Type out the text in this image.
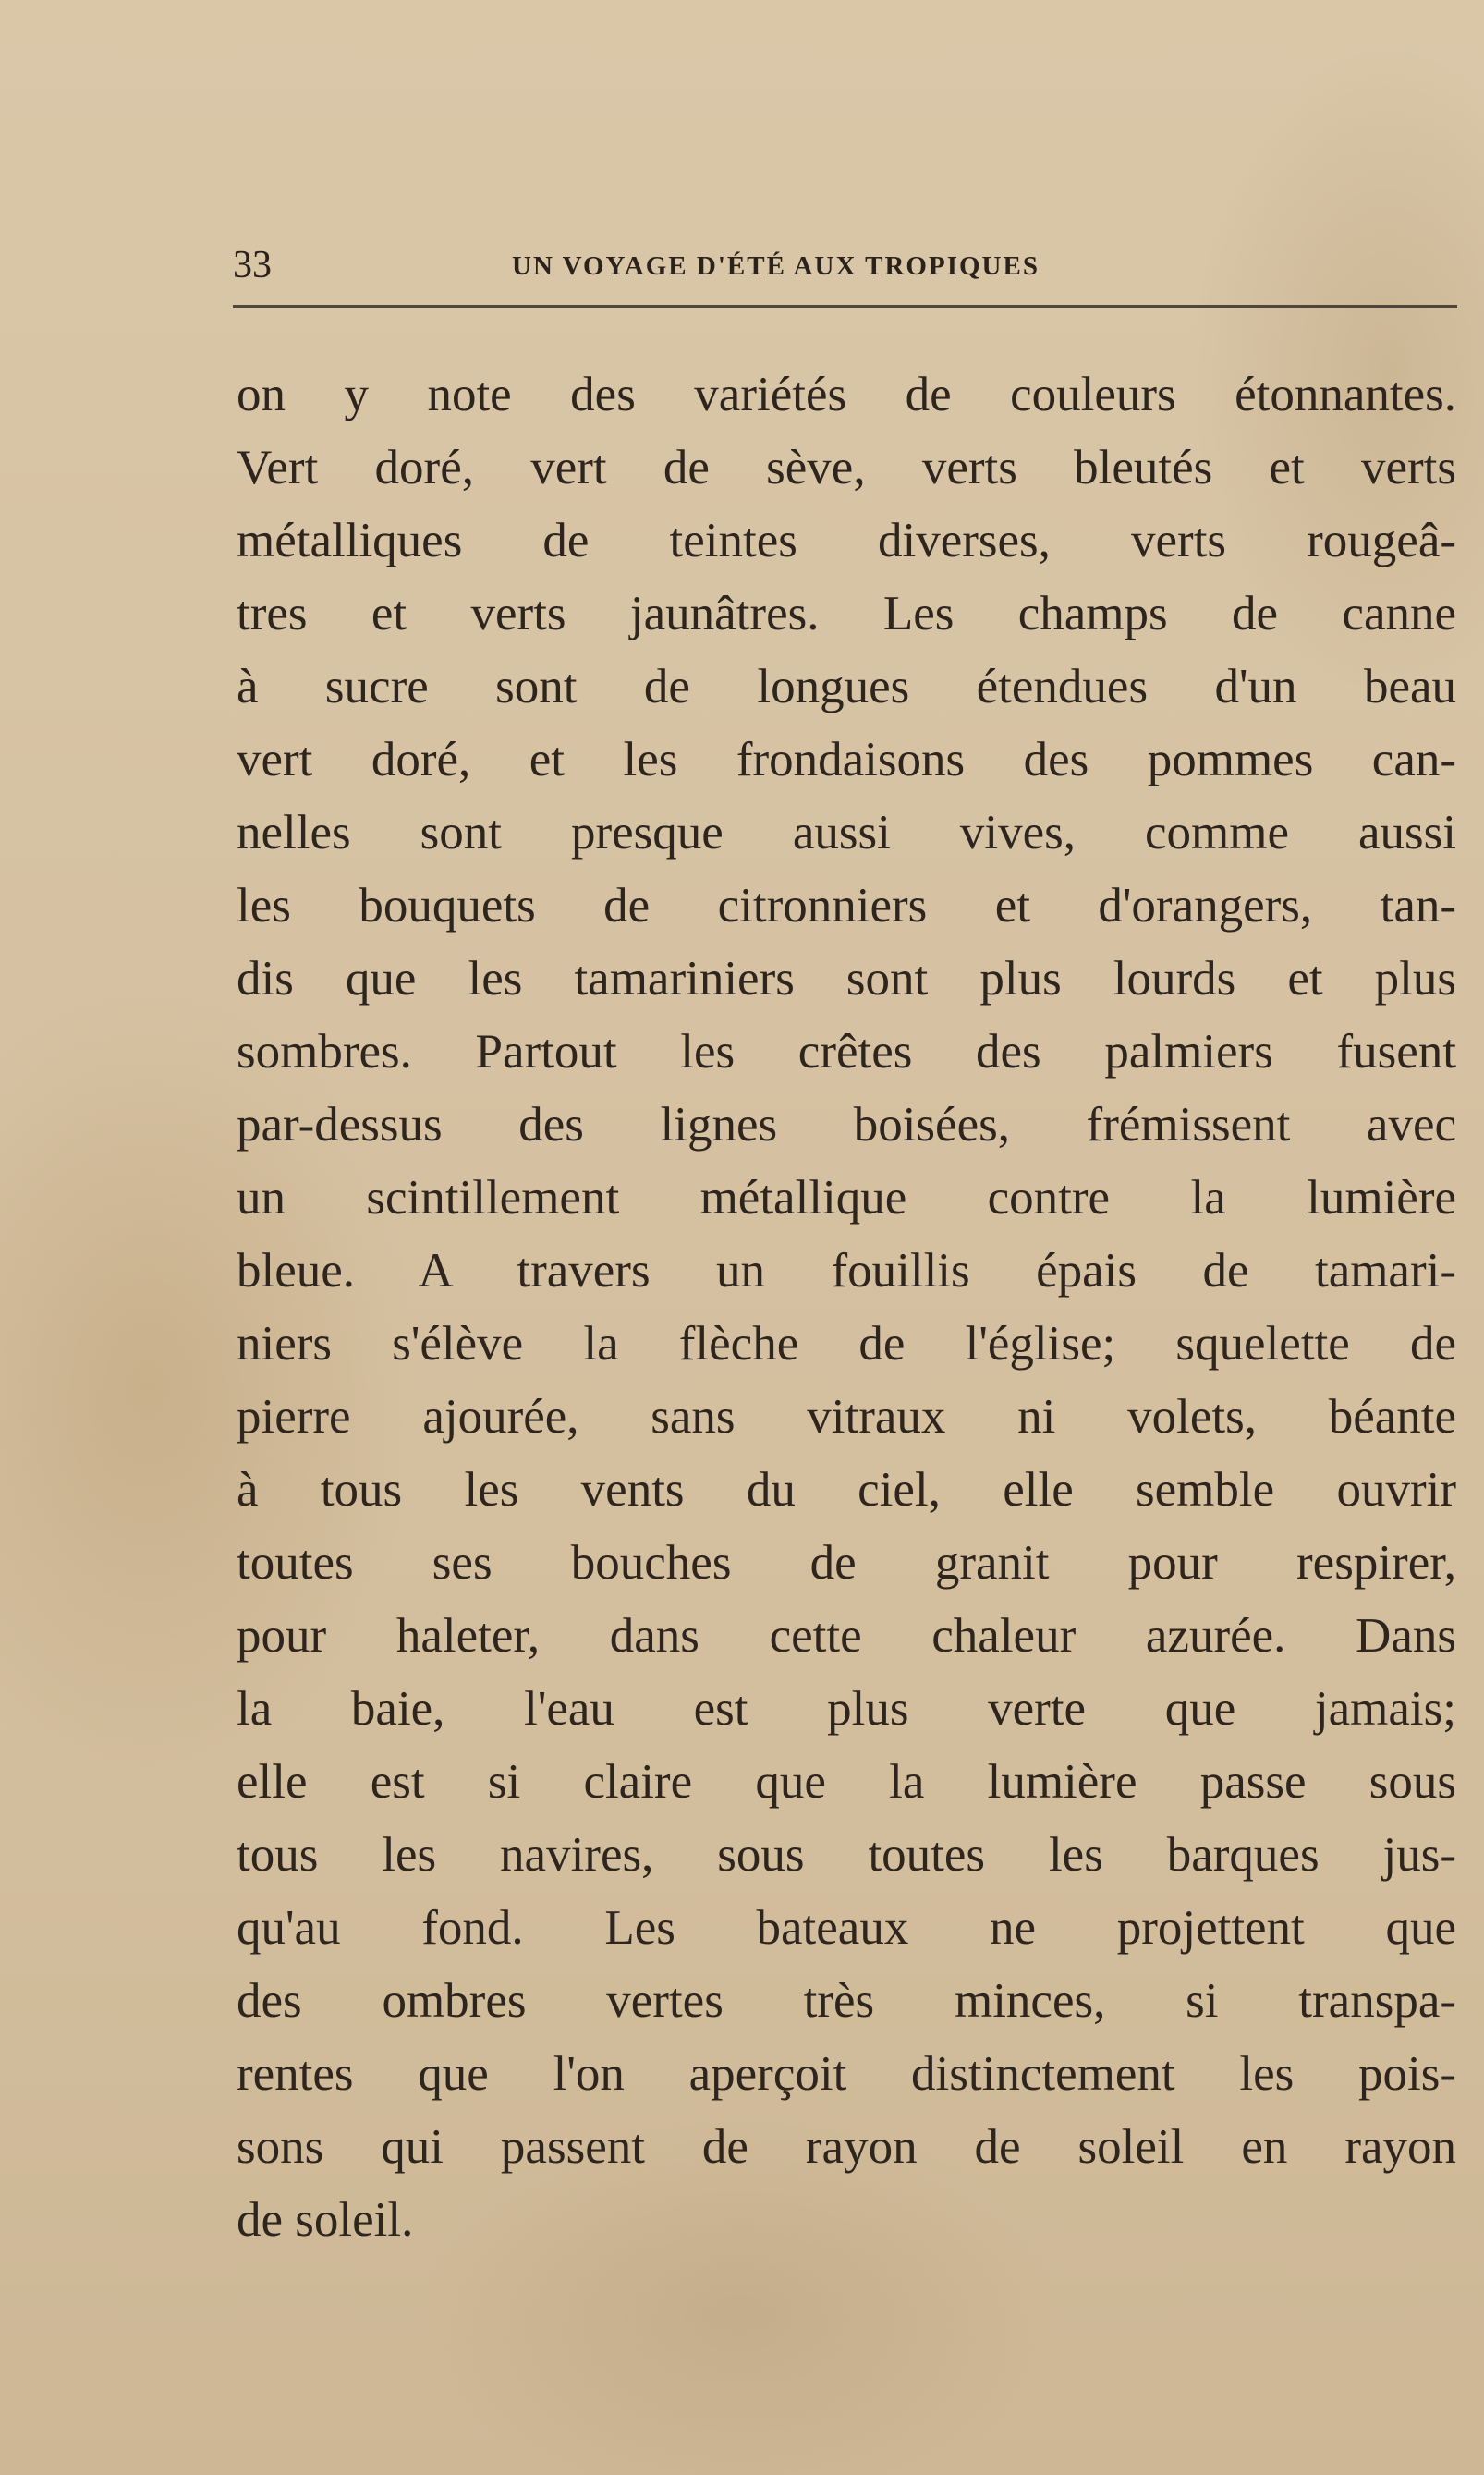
33	UN VOYAGE D'ÉTÉ AUX TROPIQUES
on y note des variétés de couleurs étonnantes.
Vert doré, vert de sève, verts bleutés et verts
métalliques de teintes diverses, verts rougeâ-
tres et verts jaunâtres. Les champs de canne
à sucre sont de longues étendues d'un beau
vert doré, et les frondaisons des pommes can-
nelles sont presque aussi vives, comme aussi
les bouquets de citronniers et d'orangers, tan-
dis que les tamariniers sont plus lourds et plus
sombres. Partout les crêtes des palmiers fusent
par-dessus des lignes boisées, frémissent avec
un scintillement métallique contre la lumière
bleue. A travers un fouillis épais de tamari-
niers s'élève la flèche de l'église; squelette de
pierre ajourée, sans vitraux ni volets, béante
à tous les vents du ciel, elle semble ouvrir
toutes ses bouches de granit pour respirer,
pour haleter, dans cette chaleur azurée. Dans
la baie, l'eau est plus verte que jamais;
elle est si claire que la lumière passe sous
tous les navires, sous toutes les barques jus-
qu'au fond. Les bateaux ne projettent que
des ombres vertes très minces, si transpa-
rentes que l'on aperçoit distinctement les pois-
sons qui passent de rayon de soleil en rayon
de soleil.
